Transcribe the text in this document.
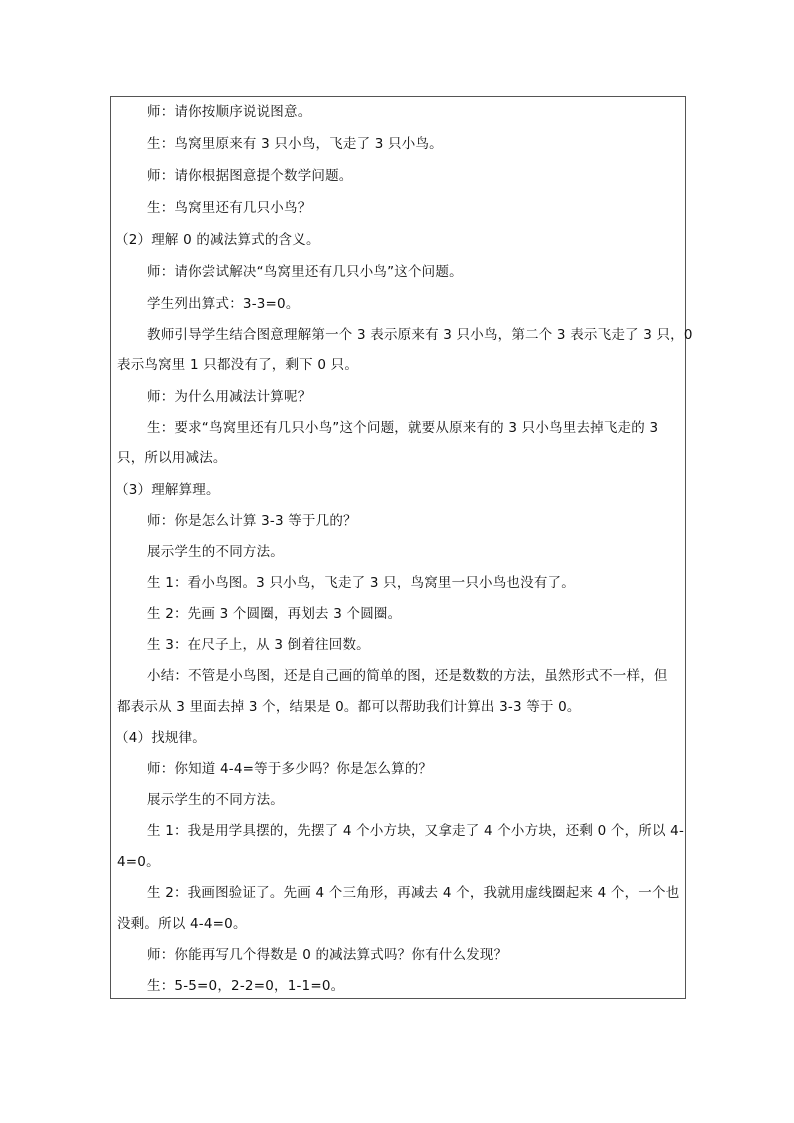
师：请你按顺序说说图意。
生：鸟窝里原来有 3 只小鸟，飞走了 3 只小鸟。
师：请你根据图意提个数学问题。
生：鸟窝里还有几只小鸟？
（2）理解 0 的减法算式的含义。
师：请你尝试解决“鸟窝里还有几只小鸟”这个问题。
学生列出算式：3-3=0。
教师引导学生结合图意理解第一个 3 表示原来有 3 只小鸟，第二个 3 表示飞走了 3 只，0
表示鸟窝里 1 只都没有了，剩下 0 只。
师：为什么用减法计算呢？
生：要求“鸟窝里还有几只小鸟”这个问题，就要从原来有的 3 只小鸟里去掉飞走的 3
只，所以用减法。
（3）理解算理。
师：你是怎么计算 3-3 等于几的？
展示学生的不同方法。
生 1：看小鸟图。3 只小鸟，飞走了 3 只，鸟窝里一只小鸟也没有了。
生 2：先画 3 个圆圈，再划去 3 个圆圈。
生 3：在尺子上，从 3 倒着往回数。
小结：不管是小鸟图，还是自己画的简单的图，还是数数的方法，虽然形式不一样，但
都表示从 3 里面去掉 3 个，结果是 0。都可以帮助我们计算出 3-3 等于 0。
（4）找规律。
师：你知道 4-4=等于多少吗？你是怎么算的？
展示学生的不同方法。
生 1：我是用学具摆的，先摆了 4 个小方块，又拿走了 4 个小方块，还剩 0 个，所以 4-
4=0。
生 2：我画图验证了。先画 4 个三角形，再减去 4 个，我就用虚线圈起来 4 个，一个也
没剩。所以 4-4=0。
师：你能再写几个得数是 0 的减法算式吗？你有什么发现？
生：5-5=0，2-2=0，1-1=0。
